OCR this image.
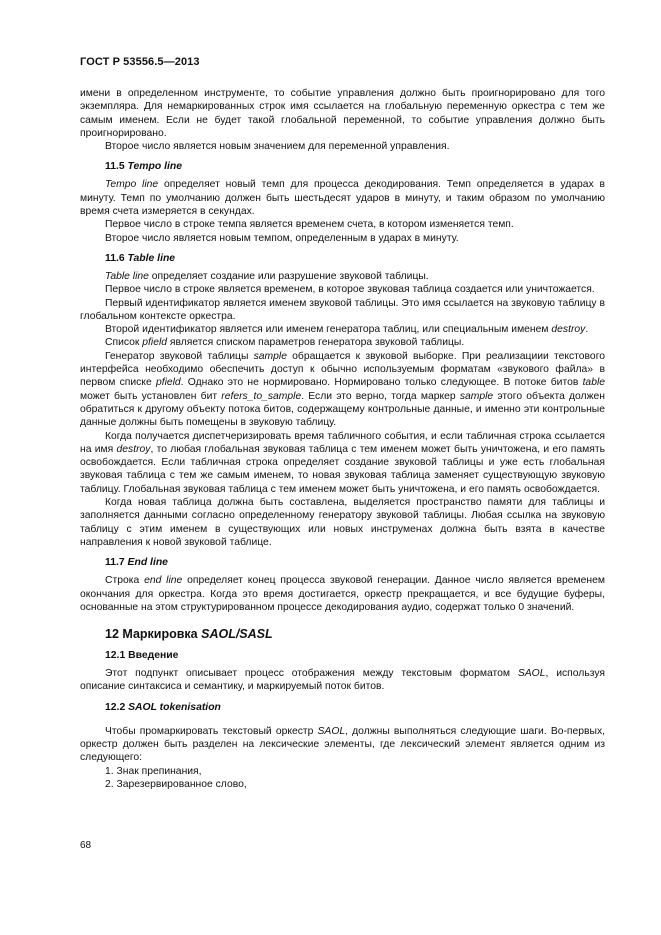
ГОСТ Р 53556.5—2013

имени в определенном инструменте, то событие управления должно быть проигнорировано для того экземпляра. Для немаркированных строк имя ссылается на глобальную переменную оркестра с тем же самым именем. Если не будет такой глобальной переменной, то событие управления должно быть проигнорировано.

Второе число является новым значением для переменной управления.

11.5 Tempo line

Tempo line определяет новый темп для процесса декодирования. Темп определяется в ударах в минуту. Темп по умолчанию должен быть шестьдесят ударов в минуту, и таким образом по умолчанию время счета измеряется в секундах.

Первое число в строке темпа является временем счета, в котором изменяется темп.

Второе число является новым темпом, определенным в ударах в минуту.

11.6 Table line

Table line определяет создание или разрушение звуковой таблицы.

Первое число в строке является временем, в которое звуковая таблица создается или уничтожается.

Первый идентификатор является именем звуковой таблицы. Это имя ссылается на звуковую таблицу в глобальном контексте оркестра.

Второй идентификатор является или именем генератора таблиц, или специальным именем destroy.

Список pfield является списком параметров генератора звуковой таблицы.

Генератор звуковой таблицы sample обращается к звуковой выборке. При реализациии текстового интерфейса необходимо обеспечить доступ к обычно используемым форматам «звукового файла» в первом списке pfield. Однако это не нормировано. Нормировано только следующее. В потоке битов table может быть установлен бит refers_to_sample. Если это верно, тогда маркер sample этого объекта должен обратиться к другому объекту потока битов, содержащему контрольные данные, и именно эти контрольные данные должны быть помещены в звуковую таблицу.

Когда получается диспетчеризировать время табличного события, и если табличная строка ссылается на имя destroy, то любая глобальная звуковая таблица с тем именем может быть уничтожена, и его память освобождается. Если табличная строка определяет создание звуковой таблицы и уже есть глобальная звуковая таблица с тем же самым именем, то новая звуковая таблица заменяет существующую звуковую таблицу. Глобальная звуковая таблица с тем именем может быть уничтожена, и его память освобождается.

Когда новая таблица должна быть составлена, выделяется пространство памяти для таблицы и заполняется данными согласно определенному генератору звуковой таблицы. Любая ссылка на звуковую таблицу с этим именем в существующих или новых инструменах должна быть взята в качестве направления к новой звуковой таблице.

11.7 End line

Строка end line определяет конец процесса звуковой генерации. Данное число является временем окончания для оркестра. Когда это время достигается, оркестр прекращается, и все будущие буферы, основанные на этом структурированном процессе декодирования аудио, содержат только 0 значений.

12 Маркировка SAOL/SASL
12.1 Введение

Этот подпункт описывает процесс отображения между текстовым форматом SAOL, используя описание синтаксиса и семантику, и маркируемый поток битов.

12.2 SAOL tokenisation

Чтобы промаркировать текстовый оркестр SAOL, должны выполняться следующие шаги. Во-первых, оркестр должен быть разделен на лексические элементы, где лексический элемент является одним из следующего:

1. Знак препинания,

2. Зарезервированное слово,

68
